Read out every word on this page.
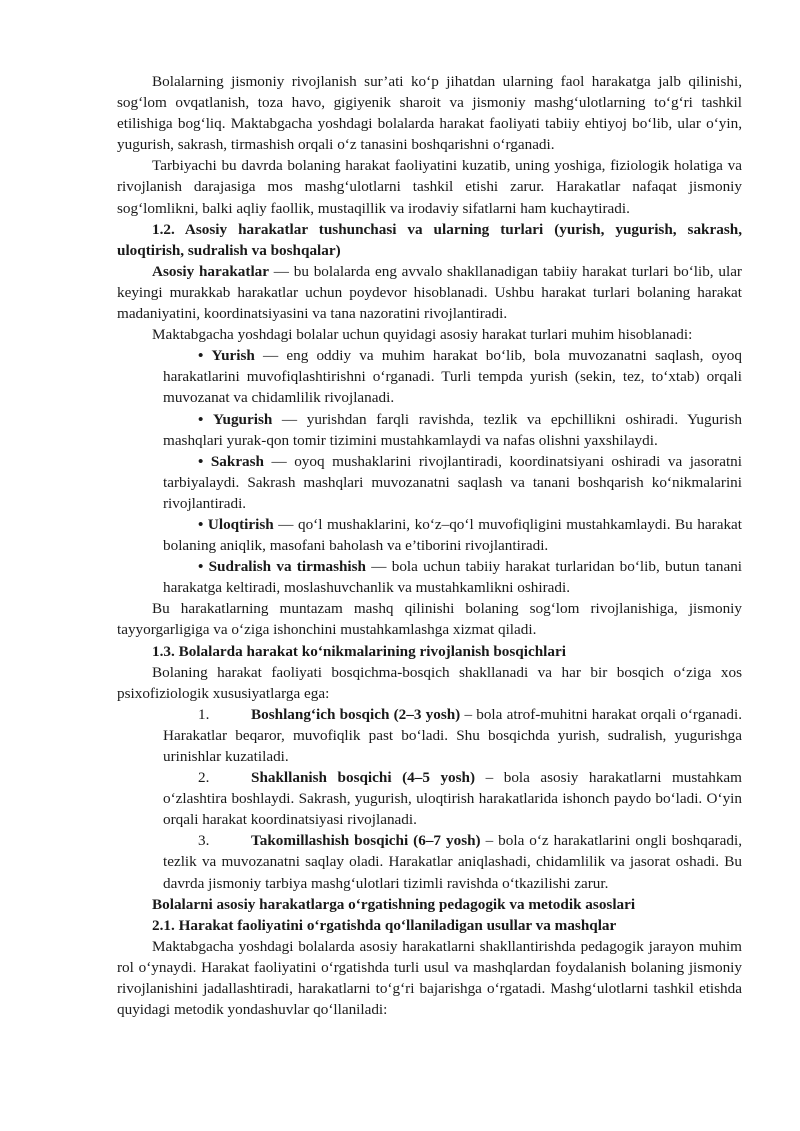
Bolalarning jismoniy rivojlanish sur’ati ko‘p jihatdan ularning faol harakatga jalb qilinishi, sog‘lom ovqatlanish, toza havo, gigiyenik sharoit va jismoniy mashg‘ulotlarning to‘g‘ri tashkil etilishiga bog‘liq. Maktabgacha yoshdagi bolalarda harakat faoliyati tabiiy ehtiyoj bo‘lib, ular o‘yin, yugurish, sakrash, tirmashish orqali o‘z tanasini boshqarishni o‘rganadi.

Tarbiyachi bu davrda bolaning harakat faoliyatini kuzatib, uning yoshiga, fiziologik holatiga va rivojlanish darajasiga mos mashg‘ulotlarni tashkil etishi zarur. Harakatlar nafaqat jismoniy sog‘lomlikni, balki aqliy faollik, mustaqillik va irodaviy sifatlarni ham kuchaytiradi.

1.2. Asosiy harakatlar tushunchasi va ularning turlari (yurish, yugurish, sakrash, uloqtirish, sudralish va boshqalar)

Asosiy harakatlar — bu bolalarda eng avvalo shakllanadigan tabiiy harakat turlari bo‘lib, ular keyingi murakkab harakatlar uchun poydevor hisoblanadi. Ushbu harakat turlari bolaning harakat madaniyatini, koordinatsiyasini va tana nazoratini rivojlantiradi.

Maktabgacha yoshdagi bolalar uchun quyidagi asosiy harakat turlari muhim hisoblanadi:

• Yurish — eng oddiy va muhim harakat bo‘lib, bola muvozanatni saqlash, oyoq harakatlarini muvofiqlashtirishni o‘rganadi. Turli tempda yurish (sekin, tez, to‘xtab) orqali muvozanat va chidamlilik rivojlanadi.

• Yugurish — yurishdan farqli ravishda, tezlik va epchillikni oshiradi. Yugurish mashqlari yurak-qon tomir tizimini mustahkamlaydi va nafas olishni yaxshilaydi.

• Sakrash — oyoq mushaklarini rivojlantiradi, koordinatsiyani oshiradi va jasoratni tarbiyalaydi. Sakrash mashqlari muvozanatni saqlash va tanani boshqarish ko‘nikmalarini rivojlantiradi.

• Uloqtirish — qo‘l mushaklarini, ko‘z–qo‘l muvofiqligini mustahkamlaydi. Bu harakat bolaning aniqlik, masofani baholash va e’tiborini rivojlantiradi.

• Sudralish va tirmashish — bola uchun tabiiy harakat turlaridan bo‘lib, butun tanani harakatga keltiradi, moslashuvchanlik va mustahkamlikni oshiradi.

Bu harakatlarning muntazam mashq qilinishi bolaning sog‘lom rivojlanishiga, jismoniy tayyorgarligiga va o‘ziga ishonchini mustahkamlashga xizmat qiladi.

1.3. Bolalarda harakat ko‘nikmalarining rivojlanish bosqichlari

Bolaning harakat faoliyati bosqichma-bosqich shakllanadi va har bir bosqich o‘ziga xos psixofiziologik xususiyatlarga ega:

1.	Boshlang‘ich bosqich (2–3 yosh) – bola atrof-muhitni harakat orqali o‘rganadi. Harakatlar beqaror, muvofiqlik past bo‘ladi. Shu bosqichda yurish, sudralish, yugurishga urinishlar kuzatiladi.

2.	Shakllanish bosqichi (4–5 yosh) – bola asosiy harakatlarni mustahkam o‘zlashtira boshlaydi. Sakrash, yugurish, uloqtirish harakatlarida ishonch paydo bo‘ladi. O‘yin orqali harakat koordinatsiyasi rivojlanadi.

3.	Takomillashish bosqichi (6–7 yosh) – bola o‘z harakatlarini ongli boshqaradi, tezlik va muvozanatni saqlay oladi. Harakatlar aniqlashadi, chidamlilik va jasorat oshadi. Bu davrda jismoniy tarbiya mashg‘ulotlari tizimli ravishda o‘tkazilishi zarur.

Bolalarni asosiy harakatlarga o‘rgatishning pedagogik va metodik asoslari

2.1. Harakat faoliyatini o‘rgatishda qo‘llaniladigan usullar va mashqlar

Maktabgacha yoshdagi bolalarda asosiy harakatlarni shakllantirishda pedagogik jarayon muhim rol o‘ynaydi. Harakat faoliyatini o‘rgatishda turli usul va mashqlardan foydalanish bolaning jismoniy rivojlanishini jadallashtiradi, harakatlarni to‘g‘ri bajarishga o‘rgatadi. Mashg‘ulotlarni tashkil etishda quyidagi metodik yondashuvlar qo‘llaniladi:
